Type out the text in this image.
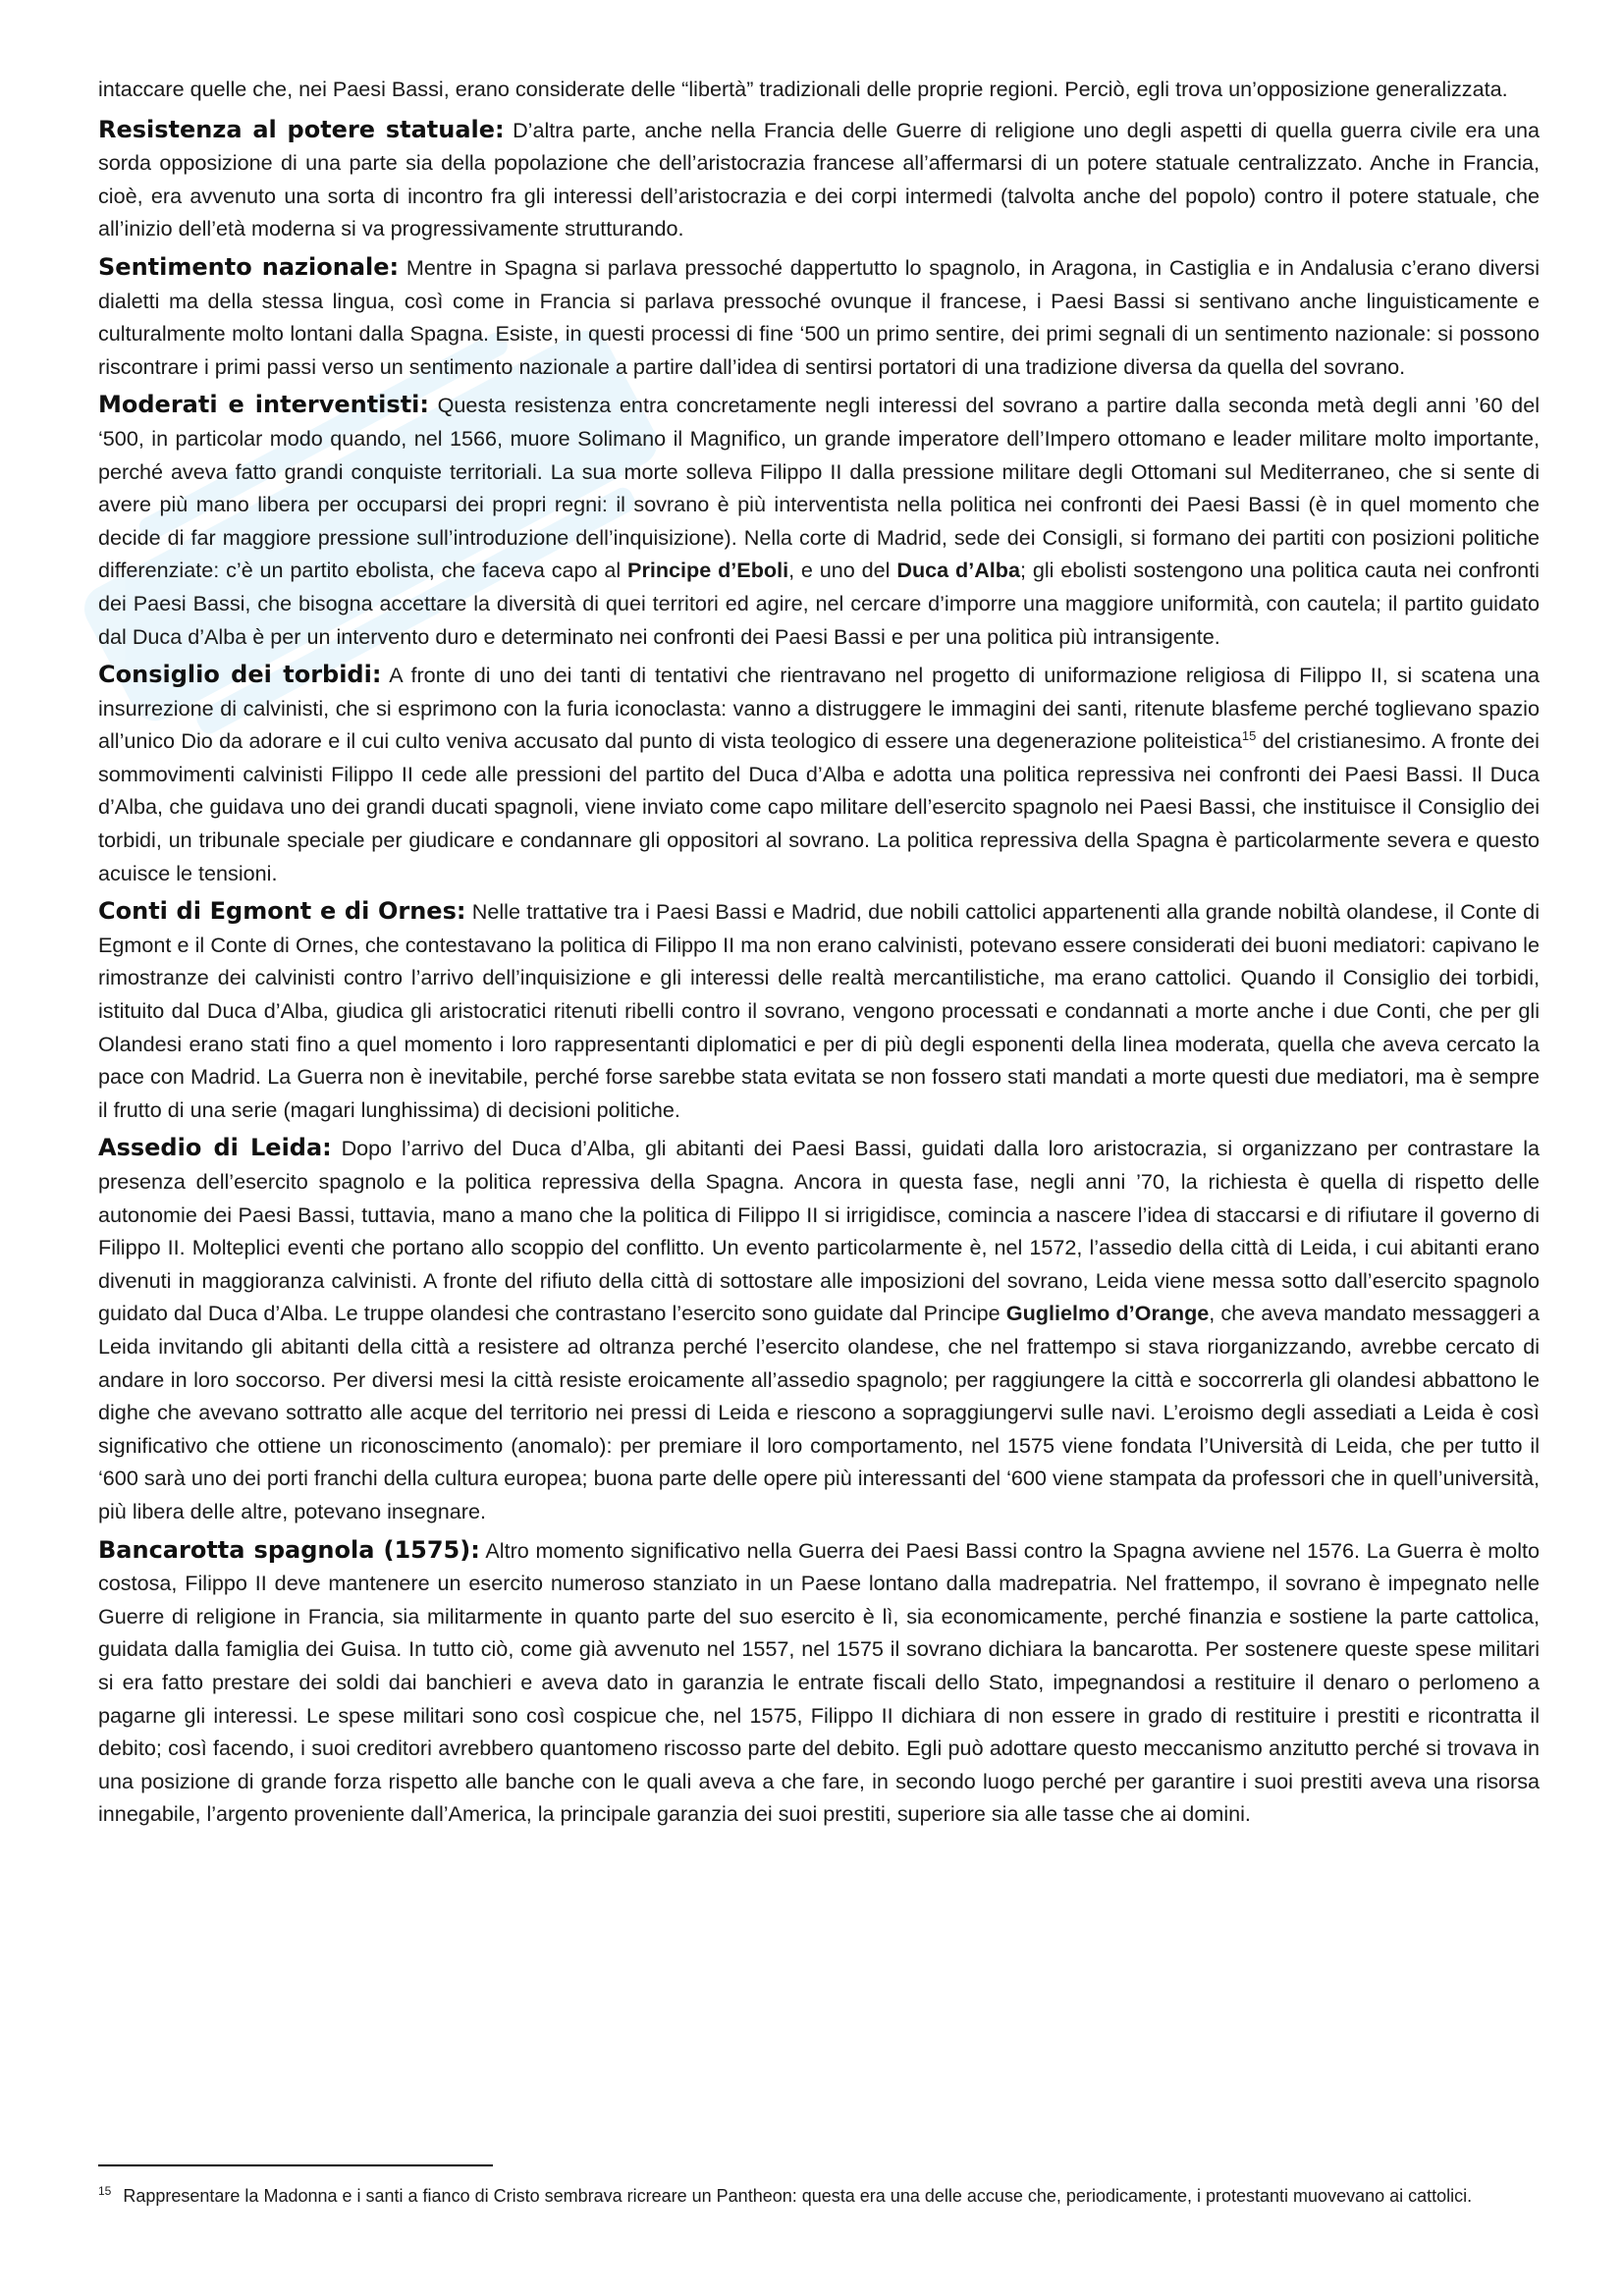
intaccare quelle che, nei Paesi Bassi, erano considerate delle “libertà” tradizionali delle proprie regioni. Perciò, egli trova un’opposizione generalizzata.

Resistenza al potere statuale: D’altra parte, anche nella Francia delle Guerre di religione uno degli aspetti di quella guerra civile era una sorda opposizione di una parte sia della popolazione che dell’aristocrazia francese all’affermarsi di un potere statuale centralizzato. Anche in Francia, cioè, era avvenuto una sorta di incontro fra gli interessi dell’aristocrazia e dei corpi intermedi (talvolta anche del popolo) contro il potere statuale, che all’inizio dell’età moderna si va progressivamente strutturando.

Sentimento nazionale: Mentre in Spagna si parlava pressoché dappertutto lo spagnolo, in Aragona, in Castiglia e in Andalusia c’erano diversi dialetti ma della stessa lingua, così come in Francia si parlava pressoché ovunque il francese, i Paesi Bassi si sentivano anche linguisticamente e culturalmente molto lontani dalla Spagna. Esiste, in questi processi di fine ‘500 un primo sentire, dei primi segnali di un sentimento nazionale: si possono riscontrare i primi passi verso un sentimento nazionale a partire dall’idea di sentirsi portatori di una tradizione diversa da quella del sovrano.

Moderati e interventisti: Questa resistenza entra concretamente negli interessi del sovrano a partire dalla seconda metà degli anni ’60 del ‘500, in particolar modo quando, nel 1566, muore Solimano il Magnifico, un grande imperatore dell’Impero ottomano e leader militare molto importante, perché aveva fatto grandi conquiste territoriali. La sua morte solleva Filippo II dalla pressione militare degli Ottomani sul Mediterraneo, che si sente di avere più mano libera per occuparsi dei propri regni: il sovrano è più interventista nella politica nei confronti dei Paesi Bassi (è in quel momento che decide di far maggiore pressione sull’introduzione dell’inquisizione). Nella corte di Madrid, sede dei Consigli, si formano dei partiti con posizioni politiche differenziate: c’è un partito ebolista, che faceva capo al Principe d’Eboli, e uno del Duca d’Alba; gli ebolisti sostengono una politica cauta nei confronti dei Paesi Bassi, che bisogna accettare la diversità di quei territori ed agire, nel cercare d’imporre una maggiore uniformità, con cautela; il partito guidato dal Duca d’Alba è per un intervento duro e determinato nei confronti dei Paesi Bassi e per una politica più intransigente.

Consiglio dei torbidi: A fronte di uno dei tanti di tentativi che rientravano nel progetto di uniformazione religiosa di Filippo II, si scatena una insurrezione di calvinisti, che si esprimono con la furia iconoclasta: vanno a distruggere le immagini dei santi, ritenute blasfeme perché toglievano spazio all’unico Dio da adorare e il cui culto veniva accusato dal punto di vista teologico di essere una degenerazione politeistica$^{15}$ del cristianesimo. A fronte dei sommovimenti calvinisti Filippo II cede alle pressioni del partito del Duca d’Alba e adotta una politica repressiva nei confronti dei Paesi Bassi. Il Duca d’Alba, che guidava uno dei grandi ducati spagnoli, viene inviato come capo militare dell’esercito spagnolo nei Paesi Bassi, che instituisce il Consiglio dei torbidi, un tribunale speciale per giudicare e condannare gli oppositori al sovrano. La politica repressiva della Spagna è particolarmente severa e questo acuisce le tensioni.

Conti di Egmont e di Ornes: Nelle trattative tra i Paesi Bassi e Madrid, due nobili cattolici appartenenti alla grande nobiltà olandese, il Conte di Egmont e il Conte di Ornes, che contestavano la politica di Filippo II ma non erano calvinisti, potevano essere considerati dei buoni mediatori: capivano le rimostranze dei calvinisti contro l’arrivo dell’inquisizione e gli interessi delle realtà mercantilistiche, ma erano cattolici. Quando il Consiglio dei torbidi, istituito dal Duca d’Alba, giudica gli aristocratici ritenuti ribelli contro il sovrano, vengono processati e condannati a morte anche i due Conti, che per gli Olandesi erano stati fino a quel momento i loro rappresentanti diplomatici e per di più degli esponenti della linea moderata, quella che aveva cercato la pace con Madrid. La Guerra non è inevitabile, perché forse sarebbe stata evitata se non fossero stati mandati a morte questi due mediatori, ma è sempre il frutto di una serie (magari lunghissima) di decisioni politiche.

Assedio di Leida: Dopo l’arrivo del Duca d’Alba, gli abitanti dei Paesi Bassi, guidati dalla loro aristocrazia, si organizzano per contrastare la presenza dell’esercito spagnolo e la politica repressiva della Spagna. Ancora in questa fase, negli anni ’70, la richiesta è quella di rispetto delle autonomie dei Paesi Bassi, tuttavia, mano a mano che la politica di Filippo II si irrigidisce, comincia a nascere l’idea di staccarsi e di rifiutare il governo di Filippo II. Molteplici eventi che portano allo scoppio del conflitto. Un evento particolarmente è, nel 1572, l’assedio della città di Leida, i cui abitanti erano divenuti in maggioranza calvinisti. A fronte del rifiuto della città di sottostare alle imposizioni del sovrano, Leida viene messa sotto dall’esercito spagnolo guidato dal Duca d’Alba. Le truppe olandesi che contrastano l’esercito sono guidate dal Principe Guglielmo d’Orange, che aveva mandato messaggeri a Leida invitando gli abitanti della città a resistere ad oltranza perché l’esercito olandese, che nel frattempo si stava riorganizzando, avrebbe cercato di andare in loro soccorso. Per diversi mesi la città resiste eroicamente all’assedio spagnolo; per raggiungere la città e soccorrerla gli olandesi abbattono le dighe che avevano sottratto alle acque del territorio nei pressi di Leida e riescono a sopraggiungervi sulle navi. L’eroismo degli assediati a Leida è così significativo che ottiene un riconoscimento (anomalo): per premiare il loro comportamento, nel 1575 viene fondata l’Università di Leida, che per tutto il ‘600 sarà uno dei porti franchi della cultura europea; buona parte delle opere più interessanti del ‘600 viene stampata da professori che in quell’università, più libera delle altre, potevano insegnare.

Bancarotta spagnola (1575): Altro momento significativo nella Guerra dei Paesi Bassi contro la Spagna avviene nel 1576. La Guerra è molto costosa, Filippo II deve mantenere un esercito numeroso stanziato in un Paese lontano dalla madrepatria. Nel frattempo, il sovrano è impegnato nelle Guerre di religione in Francia, sia militarmente in quanto parte del suo esercito è lì, sia economicamente, perché finanzia e sostiene la parte cattolica, guidata dalla famiglia dei Guisa. In tutto ciò, come già avvenuto nel 1557, nel 1575 il sovrano dichiara la bancarotta. Per sostenere queste spese militari si era fatto prestare dei soldi dai banchieri e aveva dato in garanzia le entrate fiscali dello Stato, impegnandosi a restituire il denaro o perlomeno a pagarne gli interessi. Le spese militari sono così cospicue che, nel 1575, Filippo II dichiara di non essere in grado di restituire i prestiti e ricontratta il debito; così facendo, i suoi creditori avrebbero quantomeno riscosso parte del debito. Egli può adottare questo meccanismo anzitutto perché si trovava in una posizione di grande forza rispetto alle banche con le quali aveva a che fare, in secondo luogo perché per garantire i suoi prestiti aveva una risorsa innegabile, l’argento proveniente dall’America, la principale garanzia dei suoi prestiti, superiore sia alle tasse che ai domini.

$^{15}$ Rappresentare la Madonna e i santi a fianco di Cristo sembrava ricreare un Pantheon: questa era una delle accuse che, periodicamente, i protestanti muovevano ai cattolici.
